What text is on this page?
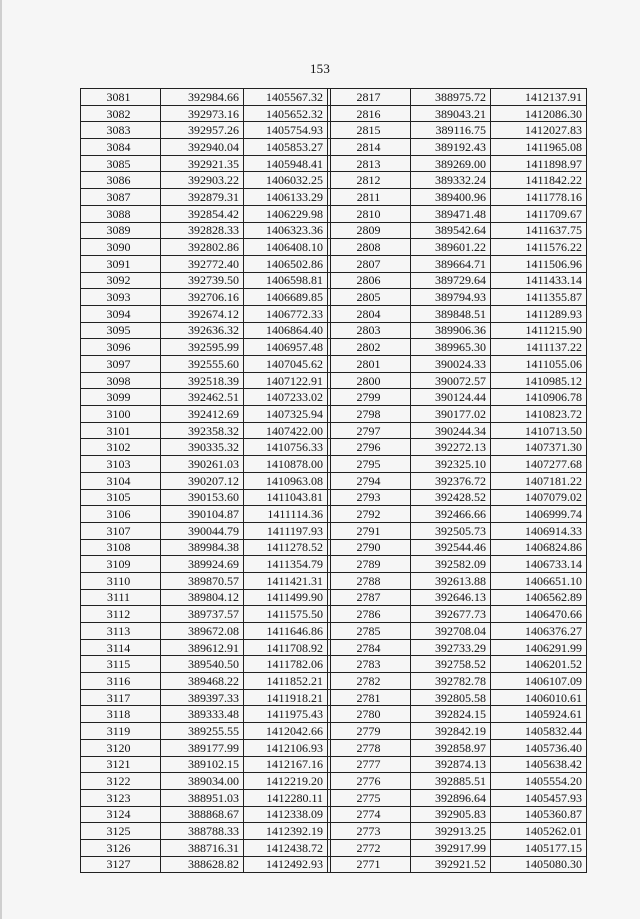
153
3081	392984.66	1405567.32		2817	388975.72	1412137.91
3082	392973.16	1405652.32		2816	389043.21	1412086.30
3083	392957.26	1405754.93		2815	389116.75	1412027.83
3084	392940.04	1405853.27		2814	389192.43	1411965.08
3085	392921.35	1405948.41		2813	389269.00	1411898.97
3086	392903.22	1406032.25		2812	389332.24	1411842.22
3087	392879.31	1406133.29		2811	389400.96	1411778.16
3088	392854.42	1406229.98		2810	389471.48	1411709.67
3089	392828.33	1406323.36		2809	389542.64	1411637.75
3090	392802.86	1406408.10		2808	389601.22	1411576.22
3091	392772.40	1406502.86		2807	389664.71	1411506.96
3092	392739.50	1406598.81		2806	389729.64	1411433.14
3093	392706.16	1406689.85		2805	389794.93	1411355.87
3094	392674.12	1406772.33		2804	389848.51	1411289.93
3095	392636.32	1406864.40		2803	389906.36	1411215.90
3096	392595.99	1406957.48		2802	389965.30	1411137.22
3097	392555.60	1407045.62		2801	390024.33	1411055.06
3098	392518.39	1407122.91		2800	390072.57	1410985.12
3099	392462.51	1407233.02		2799	390124.44	1410906.78
3100	392412.69	1407325.94		2798	390177.02	1410823.72
3101	392358.32	1407422.00		2797	390244.34	1410713.50
3102	390335.32	1410756.33		2796	392272.13	1407371.30
3103	390261.03	1410878.00		2795	392325.10	1407277.68
3104	390207.12	1410963.08		2794	392376.72	1407181.22
3105	390153.60	1411043.81		2793	392428.52	1407079.02
3106	390104.87	1411114.36		2792	392466.66	1406999.74
3107	390044.79	1411197.93		2791	392505.73	1406914.33
3108	389984.38	1411278.52		2790	392544.46	1406824.86
3109	389924.69	1411354.79		2789	392582.09	1406733.14
3110	389870.57	1411421.31		2788	392613.88	1406651.10
3111	389804.12	1411499.90		2787	392646.13	1406562.89
3112	389737.57	1411575.50		2786	392677.73	1406470.66
3113	389672.08	1411646.86		2785	392708.04	1406376.27
3114	389612.91	1411708.92		2784	392733.29	1406291.99
3115	389540.50	1411782.06		2783	392758.52	1406201.52
3116	389468.22	1411852.21		2782	392782.78	1406107.09
3117	389397.33	1411918.21		2781	392805.58	1406010.61
3118	389333.48	1411975.43		2780	392824.15	1405924.61
3119	389255.55	1412042.66		2779	392842.19	1405832.44
3120	389177.99	1412106.93		2778	392858.97	1405736.40
3121	389102.15	1412167.16		2777	392874.13	1405638.42
3122	389034.00	1412219.20		2776	392885.51	1405554.20
3123	388951.03	1412280.11		2775	392896.64	1405457.93
3124	388868.67	1412338.09		2774	392905.83	1405360.87
3125	388788.33	1412392.19		2773	392913.25	1405262.01
3126	388716.31	1412438.72		2772	392917.99	1405177.15
3127	388628.82	1412492.93		2771	392921.52	1405080.30
